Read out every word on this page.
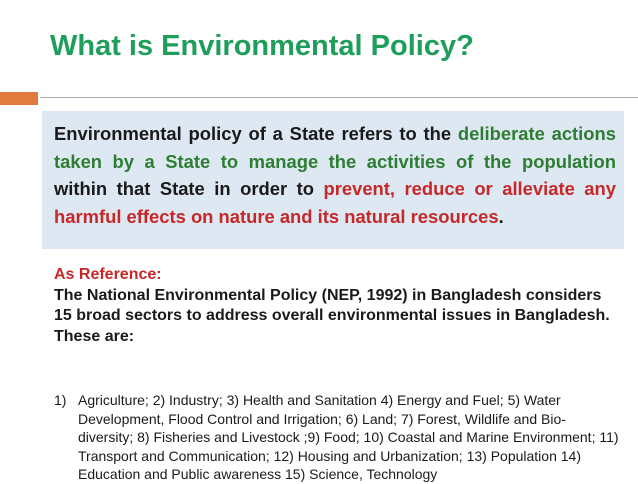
What is Environmental Policy?
Environmental policy of a State refers to the deliberate actions taken by a State to manage the activities of the population within that State in order to prevent, reduce or alleviate any harmful effects on nature and its natural resources.
As Reference:
The National Environmental Policy (NEP, 1992) in Bangladesh considers
15 broad sectors to address overall environmental issues in Bangladesh.
These are:
1) Agriculture; 2) Industry; 3) Health and Sanitation 4) Energy and Fuel; 5) Water Development, Flood Control and Irrigation; 6) Land; 7) Forest, Wildlife and Bio-diversity; 8) Fisheries and Livestock ;9) Food; 10) Coastal and Marine Environment; 11) Transport and Communication; 12) Housing and Urbanization; 13) Population 14) Education and Public awareness 15) Science, Technology
